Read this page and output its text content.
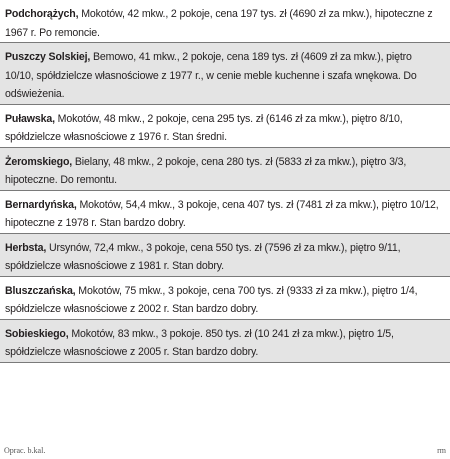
Podchorążych, Mokotów, 42 mkw., 2 pokoje, cena 197 tys. zł (4690 zł za mkw.), hipoteczne z 1967 r. Po remoncie.
Puszczy Solskiej, Bemowo, 41 mkw., 2 pokoje, cena 189 tys. zł (4609 zł za mkw.), piętro 10/10, spółdzielcze własnościowe z 1977 r., w cenie meble kuchenne i szafa wnękowa. Do odświeżenia.
Puławska, Mokotów, 48 mkw., 2 pokoje, cena 295 tys. zł (6146 zł za mkw.), piętro 8/10, spółdzielcze własnościowe z 1976 r. Stan średni.
Żeromskiego, Bielany, 48 mkw., 2 pokoje, cena 280 tys. zł (5833 zł za mkw.), piętro 3/3, hipoteczne. Do remontu.
Bernardyńska, Mokotów, 54,4 mkw., 3 pokoje, cena 407 tys. zł (7481 zł za mkw.), piętro 10/12, hipoteczne z 1978 r. Stan bardzo dobry.
Herbsta, Ursynów, 72,4 mkw., 3 pokoje, cena 550 tys. zł (7596 zł za mkw.), piętro 9/11, spółdzielcze własnościowe z 1981 r. Stan dobry.
Bluszczańska, Mokotów, 75 mkw., 3 pokoje, cena 700 tys. zł (9333 zł za mkw.), piętro 1/4, spółdzielcze własnościowe z 2002 r. Stan bardzo dobry.
Sobieskiego, Mokotów, 83 mkw., 3 pokoje. 850 tys. zł (10 241 zł za mkw.), piętro 1/5, spółdzielcze własnościowe z 2005 r. Stan bardzo dobry.
Oprac. b.kal.	rm
